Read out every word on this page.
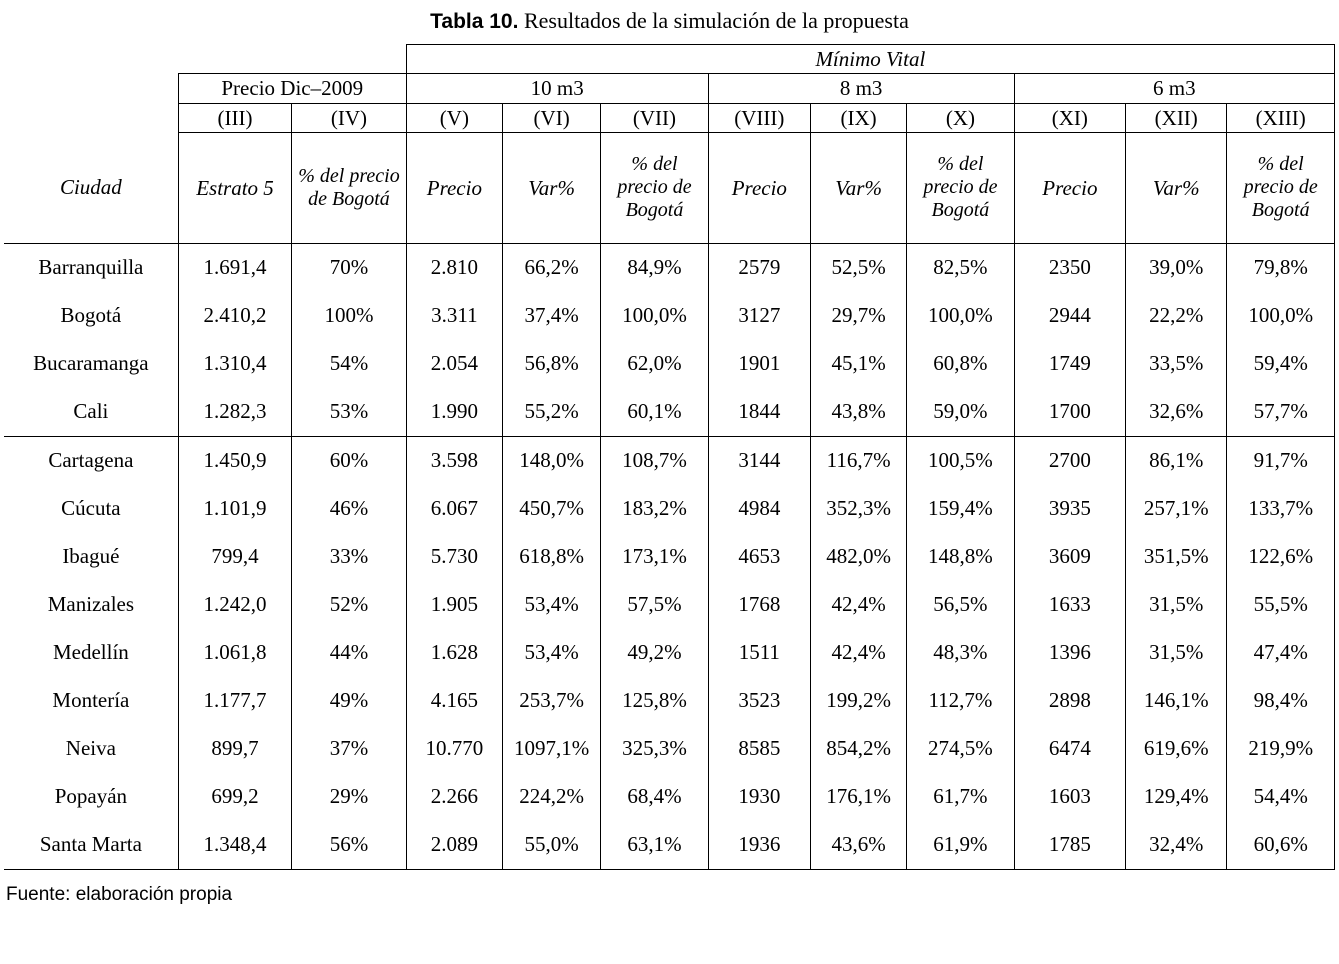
Tabla 10. Resultados de la simulación de la propuesta
			Mínimo Vital								
	Precio Dic–2009		10 m3			8 m3			6 m3		
	(III)	(IV)	(V)	(VI)	(VII)	(VIII)	(IX)	(X)	(XI)	(XII)	(XIII)
Ciudad	Estrato 5	% del precio de Bogotá	Precio	Var%	% del precio de Bogotá	Precio	Var%	% del precio de Bogotá	Precio	Var%	% del precio de Bogotá
Barranquilla	1.691,4	70%	2.810	66,2%	84,9%	2579	52,5%	82,5%	2350	39,0%	79,8%
Bogotá	2.410,2	100%	3.311	37,4%	100,0%	3127	29,7%	100,0%	2944	22,2%	100,0%
Bucaramanga	1.310,4	54%	2.054	56,8%	62,0%	1901	45,1%	60,8%	1749	33,5%	59,4%
Cali	1.282,3	53%	1.990	55,2%	60,1%	1844	43,8%	59,0%	1700	32,6%	57,7%
Cartagena	1.450,9	60%	3.598	148,0%	108,7%	3144	116,7%	100,5%	2700	86,1%	91,7%
Cúcuta	1.101,9	46%	6.067	450,7%	183,2%	4984	352,3%	159,4%	3935	257,1%	133,7%
Ibagué	799,4	33%	5.730	618,8%	173,1%	4653	482,0%	148,8%	3609	351,5%	122,6%
Manizales	1.242,0	52%	1.905	53,4%	57,5%	1768	42,4%	56,5%	1633	31,5%	55,5%
Medellín	1.061,8	44%	1.628	53,4%	49,2%	1511	42,4%	48,3%	1396	31,5%	47,4%
Montería	1.177,7	49%	4.165	253,7%	125,8%	3523	199,2%	112,7%	2898	146,1%	98,4%
Neiva	899,7	37%	10.770	1097,1%	325,3%	8585	854,2%	274,5%	6474	619,6%	219,9%
Popayán	699,2	29%	2.266	224,2%	68,4%	1930	176,1%	61,7%	1603	129,4%	54,4%
Santa Marta	1.348,4	56%	2.089	55,0%	63,1%	1936	43,6%	61,9%	1785	32,4%	60,6%
Fuente: elaboración propia
